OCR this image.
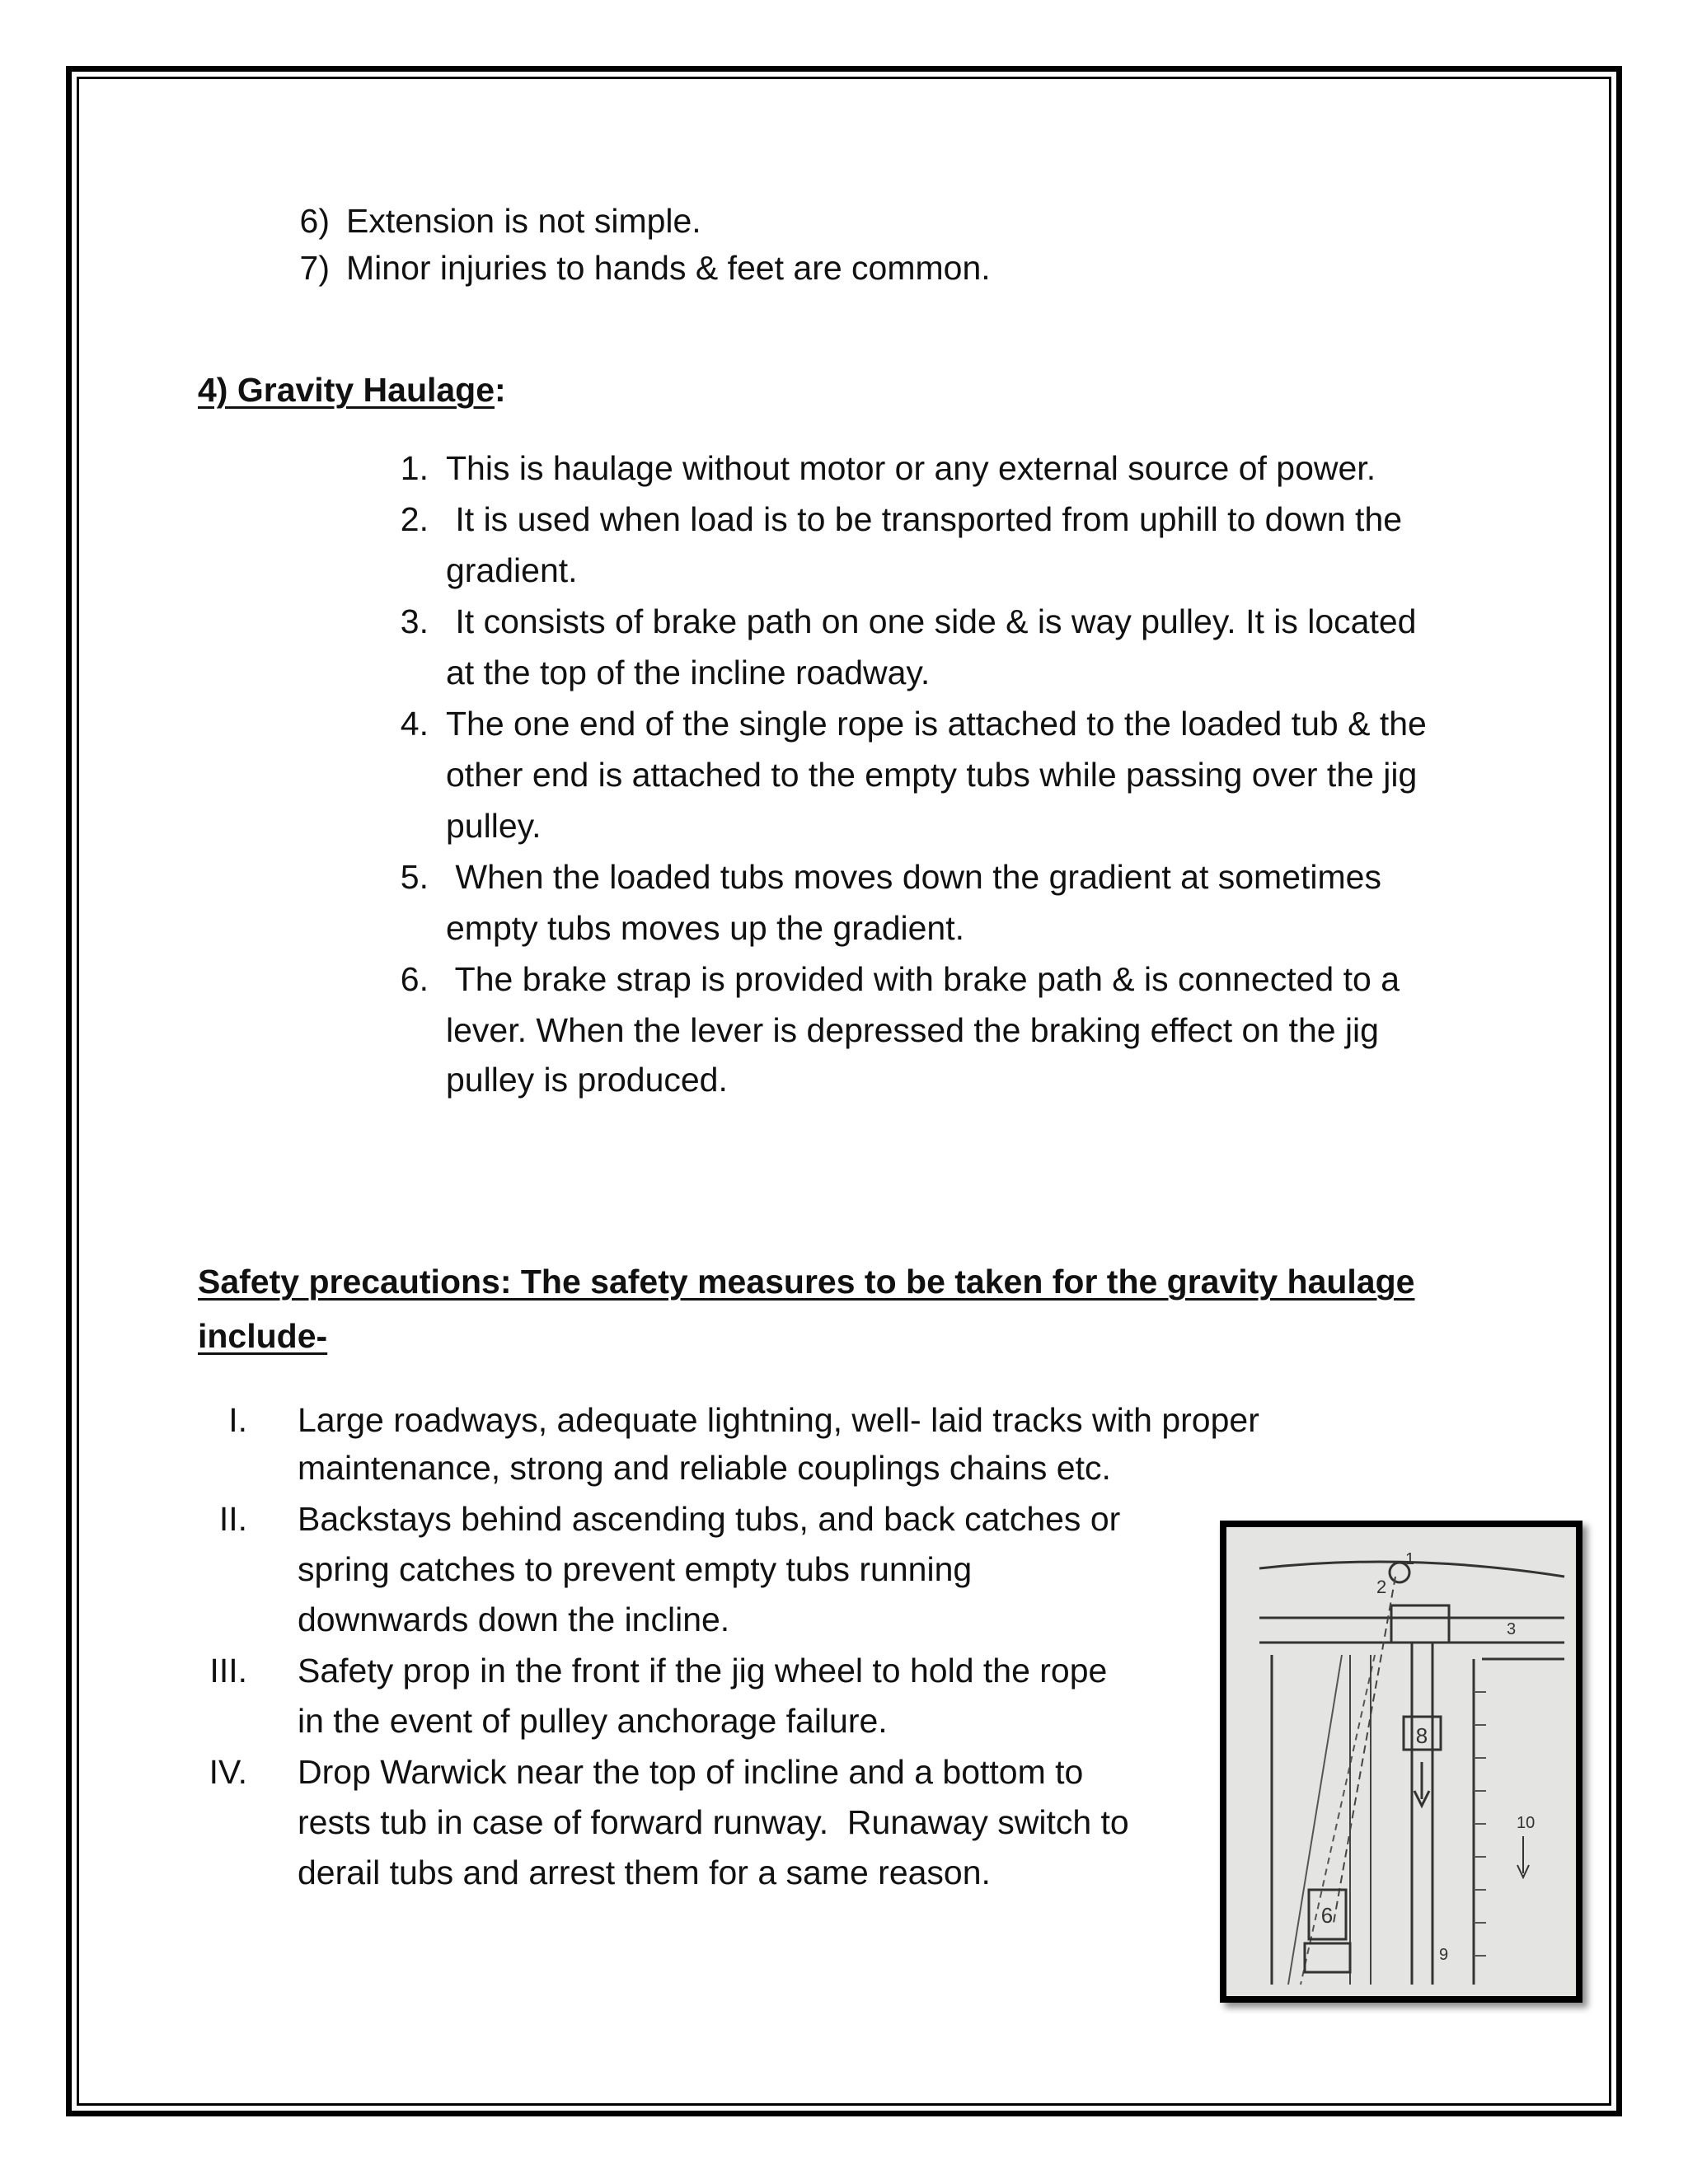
6) Extension is not simple.
7) Minor injuries to hands & feet are common.
4) Gravity Haulage:
1. This is haulage without motor or any external source of power.
2. It is used when load is to be transported from uphill to down the
gradient.
3. It consists of brake path on one side & is way pulley. It is located
at the top of the incline roadway.
4. The one end of the single rope is attached to the loaded tub & the
other end is attached to the empty tubs while passing over the jig
pulley.
5. When the loaded tubs moves down the gradient at sometimes
empty tubs moves up the gradient.
6. The brake strap is provided with brake path & is connected to a
lever. When the lever is depressed the braking effect on the jig
pulley is produced.
Safety precautions: The safety measures to be taken for the gravity haulage
include-
I. Large roadways, adequate lightning, well- laid tracks with proper
maintenance, strong and reliable couplings chains etc.
II. Backstays behind ascending tubs, and back catches or
spring catches to prevent empty tubs running
downwards down the incline.
III. Safety prop in the front if the jig wheel to hold the rope
in the event of pulley anchorage failure.
IV. Drop Warwick near the top of incline and a bottom to
rests tub in case of forward runway.  Runaway switch to
derail tubs and arrest them for a same reason.
8
6
1
2
3
9
10
